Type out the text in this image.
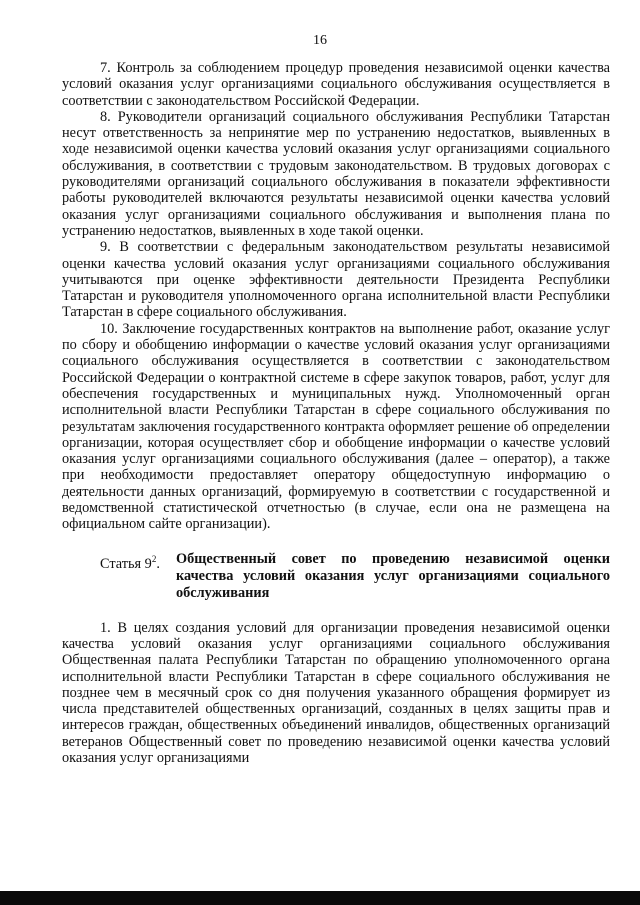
16

7. Контроль за соблюдением процедур проведения независимой оценки качества условий оказания услуг организациями социального обслуживания осуществляется в соответствии с законодательством Российской Федерации.

8. Руководители организаций социального обслуживания Республики Татарстан несут ответственность за непринятие мер по устранению недостатков, выявленных в ходе независимой оценки качества условий оказания услуг организациями социального обслуживания, в соответствии с трудовым законодательством. В трудовых договорах с руководителями организаций социального обслуживания в показатели эффективности работы руководителей включаются результаты независимой оценки качества условий оказания услуг организациями социального обслуживания и выполнения плана по устранению недостатков, выявленных в ходе такой оценки.

9. В соответствии с федеральным законодательством результаты независимой оценки качества условий оказания услуг организациями социального обслуживания учитываются при оценке эффективности деятельности Президента Республики Татарстан и руководителя уполномоченного органа исполнительной власти Республики Татарстан в сфере социального обслуживания.

10. Заключение государственных контрактов на выполнение работ, оказание услуг по сбору и обобщению информации о качестве условий оказания услуг организациями социального обслуживания осуществляется в соответствии с законодательством Российской Федерации о контрактной системе в сфере закупок товаров, работ, услуг для обеспечения государственных и муниципальных нужд. Уполномоченный орган исполнительной власти Республики Татарстан в сфере социального обслуживания по результатам заключения государственного контракта оформляет решение об определении организации, которая осуществляет сбор и обобщение информации о качестве условий оказания услуг организациями социального обслуживания (далее – оператор), а также при необходимости предоставляет оператору общедоступную информацию о деятельности данных организаций, формируемую в соответствии с государственной и ведомственной статистической отчетностью (в случае, если она не размещена на официальном сайте организации).

Статья $9^2$. Общественный совет по проведению независимой оценки качества условий оказания услуг организациями социального обслуживания

1. В целях создания условий для организации проведения независимой оценки качества условий оказания услуг организациями социального обслуживания Общественная палата Республики Татарстан по обращению уполномоченного органа исполнительной власти Республики Татарстан в сфере социального обслуживания не позднее чем в месячный срок со дня получения указанного обращения формирует из числа представителей общественных организаций, созданных в целях защиты прав и интересов граждан, общественных объединений инвалидов, общественных организаций ветеранов Общественный совет по проведению независимой оценки качества условий оказания услуг организациями
